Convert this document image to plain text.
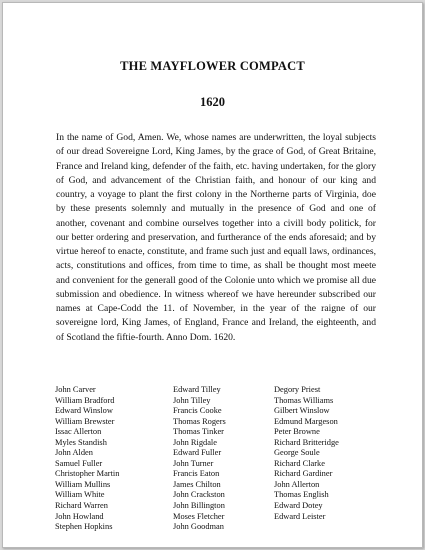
THE MAYFLOWER COMPACT
1620

In the name of God, Amen. We, whose names are underwritten, the loyal subjects of our dread Sovereigne Lord, King James, by the grace of God, of Great Britaine, France and Ireland king, defender of the faith, etc. having undertaken, for the glory of God, and advancement of the Christian faith, and honour of our king and country, a voyage to plant the first colony in the Northerne parts of Virginia, doe by these presents solemnly and mutually in the presence of God and one of another, covenant and combine ourselves together into a civill body politick, for our better ordering and preservation, and furtherance of the ends aforesaid; and by virtue hereof to enacte, constitute, and frame such just and equall laws, ordinances, acts, constitutions and offices, from time to time, as shall be thought most meete and convenient for the generall good of the Colonie unto which we promise all due submission and obedience. In witness whereof we have hereunder subscribed our names at Cape-Codd the 11. of November, in the year of the raigne of our sovereigne lord, King James, of England, France and Ireland, the eighteenth, and of Scotland the fiftie-fourth. Anno Dom. 1620.

John Carver
William Bradford
Edward Winslow
William Brewster
Issac Allerton
Myles Standish
John Alden
Samuel Fuller
Christopher Martin
William Mullins
William White
Richard Warren
John Howland
Stephen Hopkins
Edward Tilley
John Tilley
Francis Cooke
Thomas Rogers
Thomas Tinker
John Rigdale
Edward Fuller
John Turner
Francis Eaton
James Chilton
John Crackston
John Billington
Moses Fletcher
John Goodman
Degory Priest
Thomas Williams
Gilbert Winslow
Edmund Margeson
Peter Browne
Richard Britteridge
George Soule
Richard Clarke
Richard Gardiner
John Allerton
Thomas English
Edward Dotey
Edward Leister
